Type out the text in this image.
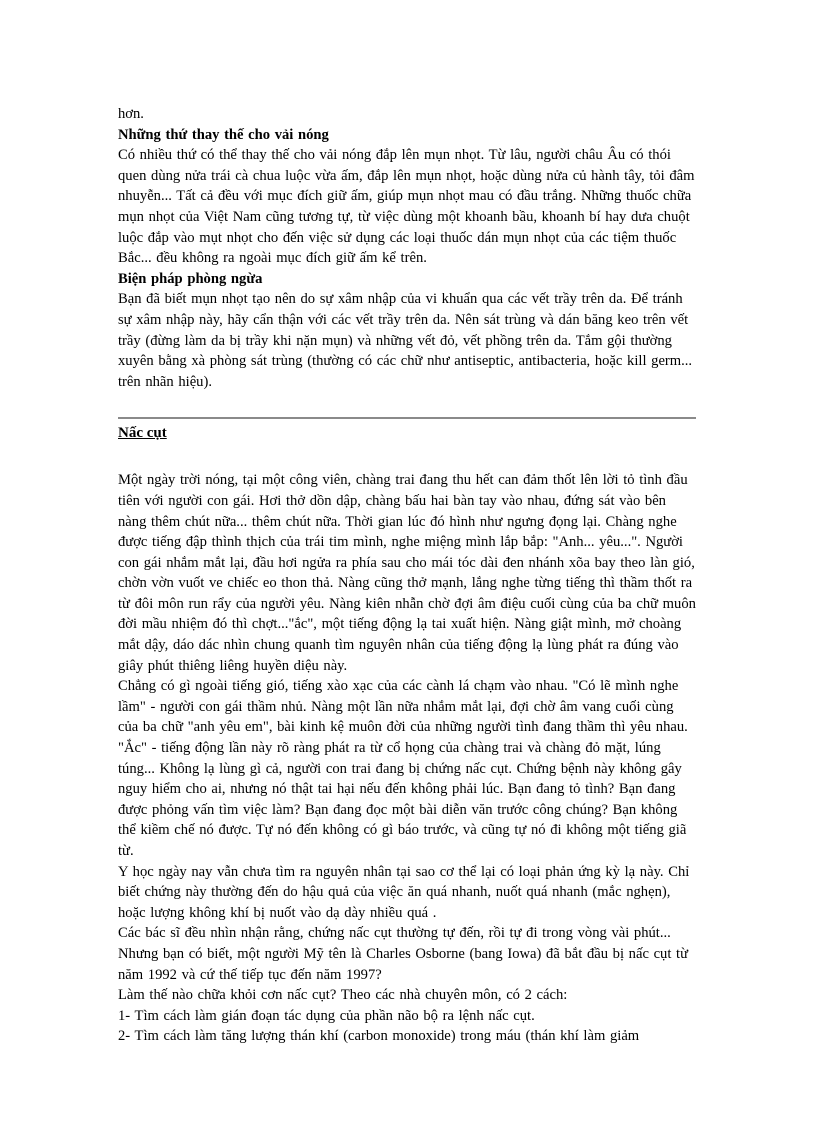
hơn.

Những thứ thay thế cho vải nóng

Có nhiều thứ có thể thay thế cho vải nóng đắp lên mụn nhọt. Từ lâu, người châu Âu có thói quen dùng nửa trái cà chua luộc vừa ấm, đắp lên mụn nhọt, hoặc dùng nửa củ hành tây, tỏi đâm nhuyễn... Tất cả đều với mục đích giữ ấm, giúp mụn nhọt mau có đầu trắng. Những thuốc chữa mụn nhọt của Việt Nam cũng tương tự, từ việc dùng một khoanh bầu, khoanh bí hay dưa chuột luộc đắp vào mụt nhọt cho đến việc sử dụng các loại thuốc dán mụn nhọt của các tiệm thuốc Bắc... đều không ra ngoài mục đích giữ ấm kể trên.

Biện pháp phòng ngừa

Bạn đã biết mụn nhọt tạo nên do sự xâm nhập của vi khuẩn qua các vết trầy trên da. Để tránh sự xâm nhập này, hãy cẩn thận với các vết trầy trên da. Nên sát trùng và dán băng keo trên vết trầy (đừng làm da bị trầy khi nặn mụn) và những vết đỏ, vết phồng trên da. Tắm gội thường xuyên bằng xà phòng sát trùng (thường có các chữ như antiseptic, antibacteria, hoặc kill germ... trên nhãn hiệu).

Nấc cụt

Một ngày trời nóng, tại một công viên, chàng trai đang thu hết can đảm thốt lên lời tỏ tình đầu tiên với người con gái. Hơi thở dồn dập, chàng bấu hai bàn tay vào nhau, đứng sát vào bên nàng thêm chút nữa... thêm chút nữa. Thời gian lúc đó hình như ngưng đọng lại. Chàng nghe được tiếng đập thình thịch của trái tim mình, nghe miệng mình lắp bắp: "Anh... yêu...". Người con gái nhắm mắt lại, đầu hơi ngửa ra phía sau cho mái tóc dài đen nhánh xõa bay theo làn gió, chờn vờn vuốt ve chiếc eo thon thả. Nàng cũng thở mạnh, lắng nghe từng tiếng thì thầm thốt ra từ đôi môn run rẩy của người yêu. Nàng kiên nhẫn chờ đợi âm điệu cuối cùng của ba chữ muôn đời mầu nhiệm đó thì chợt..."ắc", một tiếng động lạ tai xuất hiện. Nàng giật mình, mở choàng mắt dậy, dáo dác nhìn chung quanh tìm nguyên nhân của tiếng động lạ lùng phát ra đúng vào giây phút thiêng liêng huyền diệu này.

Chẳng có gì ngoài tiếng gió, tiếng xào xạc của các cành lá chạm vào nhau. "Có lẽ mình nghe lầm" - người con gái thầm nhủ. Nàng một lần nữa nhắm mắt lại, đợi chờ âm vang cuối cùng của ba chữ "anh yêu em", bài kinh kệ muôn đời của những người tình đang thầm thì yêu nhau. "Ắc" - tiếng động lần này rõ ràng phát ra từ cổ họng của chàng trai và chàng đỏ mặt, lúng túng... Không lạ lùng gì cả, người con trai đang bị chứng nấc cụt. Chứng bệnh này không gây nguy hiểm cho ai, nhưng nó thật tai hại nếu đến không phải lúc. Bạn đang tỏ tình? Bạn đang được phỏng vấn tìm việc làm? Bạn đang đọc một bài diễn văn trước công chúng? Bạn không thể kiềm chế nó được. Tự nó đến không có gì báo trước, và cũng tự nó đi không một tiếng giã từ.

Y học ngày nay vẫn chưa tìm ra nguyên nhân tại sao cơ thể lại có loại phản ứng kỳ lạ này. Chỉ biết chứng này thường đến do hậu quả của việc ăn quá nhanh, nuốt quá nhanh (mắc nghẹn), hoặc lượng không khí bị nuốt vào dạ dày nhiều quá .

Các bác sĩ đều nhìn nhận rằng, chứng nấc cụt thường tự đến, rồi tự đi trong vòng vài phút... Nhưng bạn có biết, một người Mỹ tên là Charles Osborne (bang Iowa) đã bắt đầu bị nấc cụt từ năm 1992 và cứ thế tiếp tục đến năm 1997?

Làm thế nào chữa khỏi cơn nấc cụt? Theo các nhà chuyên môn, có 2 cách:

1- Tìm cách làm gián đoạn tác dụng của phần não bộ ra lệnh nấc cụt.

2- Tìm cách làm tăng lượng thán khí (carbon monoxide) trong máu (thán khí làm giảm
